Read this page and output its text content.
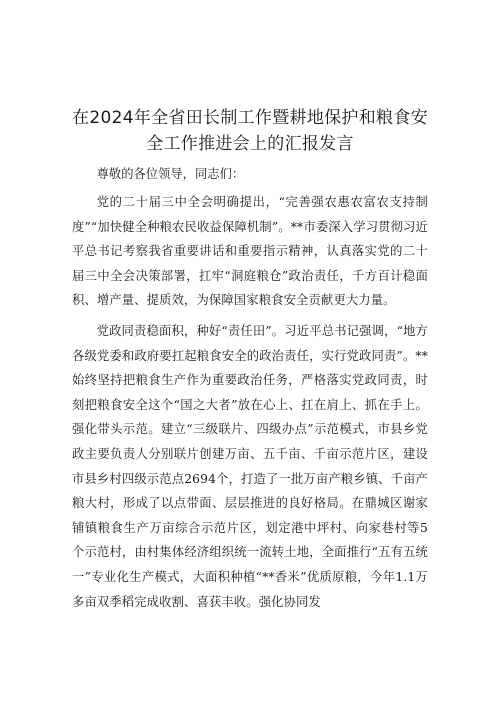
在2024年全省田长制工作暨耕地保护和粮食安
全工作推进会上的汇报发言

尊敬的各位领导，同志们：

党的二十届三中全会明确提出，“完善强农惠农富农支持制度”“加快健全种粮农民收益保障机制”。**市委深入学习贯彻习近平总书记考察我省重要讲话和重要指示精神，认真落实党的二十届三中全会决策部署，扛牢“洞庭粮仓”政治责任，千方百计稳面积、增产量、提质效，为保障国家粮食安全贡献更大力量。

党政同责稳面积，种好“责任田”。习近平总书记强调，“地方各级党委和政府要扛起粮食安全的政治责任，实行党政同责”。**始终坚持把粮食生产作为重要政治任务，严格落实党政同责，时刻把粮食安全这个“国之大者”放在心上、扛在肩上、抓在手上。强化带头示范。建立“三级联片、四级办点”示范模式，市县乡党政主要负责人分别联片创建万亩、五千亩、千亩示范片区，建设市县乡村四级示范点2694个，打造了一批万亩产粮乡镇、千亩产粮大村，形成了以点带面、层层推进的良好格局。在鼎城区谢家铺镇粮食生产万亩综合示范片区，划定港中坪村、向家巷村等5个示范村，由村集体经济组织统一流转土地，全面推行“五有五统一”专业化生产模式，大面积种植“**香米”优质原粮，今年1.1万多亩双季稻完成收割、喜获丰收。强化协同发
